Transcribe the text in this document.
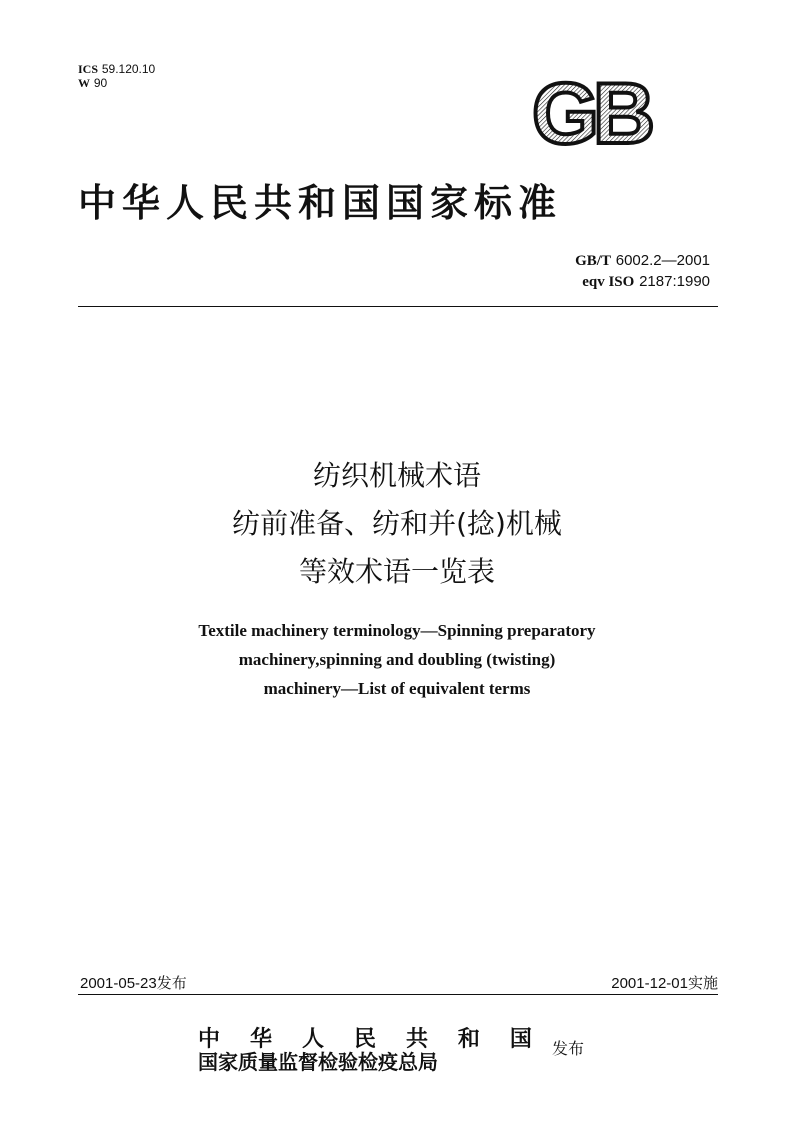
ICS 59.120.10
W 90	GB
中华人民共和国国家标准
GB/T 6002.2—2001
eqv ISO 2187:1990
纺织机械术语
纺前准备、纺和并(捻)机械
等效术语一览表
Textile machinery terminology—Spinning preparatory
machinery,spinning and doubling (twisting)
machinery—List of equivalent terms
2001-05-23发布	2001-12-01实施
中 华 人 民 共 和 国
国家质量监督检验检疫总局
发布
